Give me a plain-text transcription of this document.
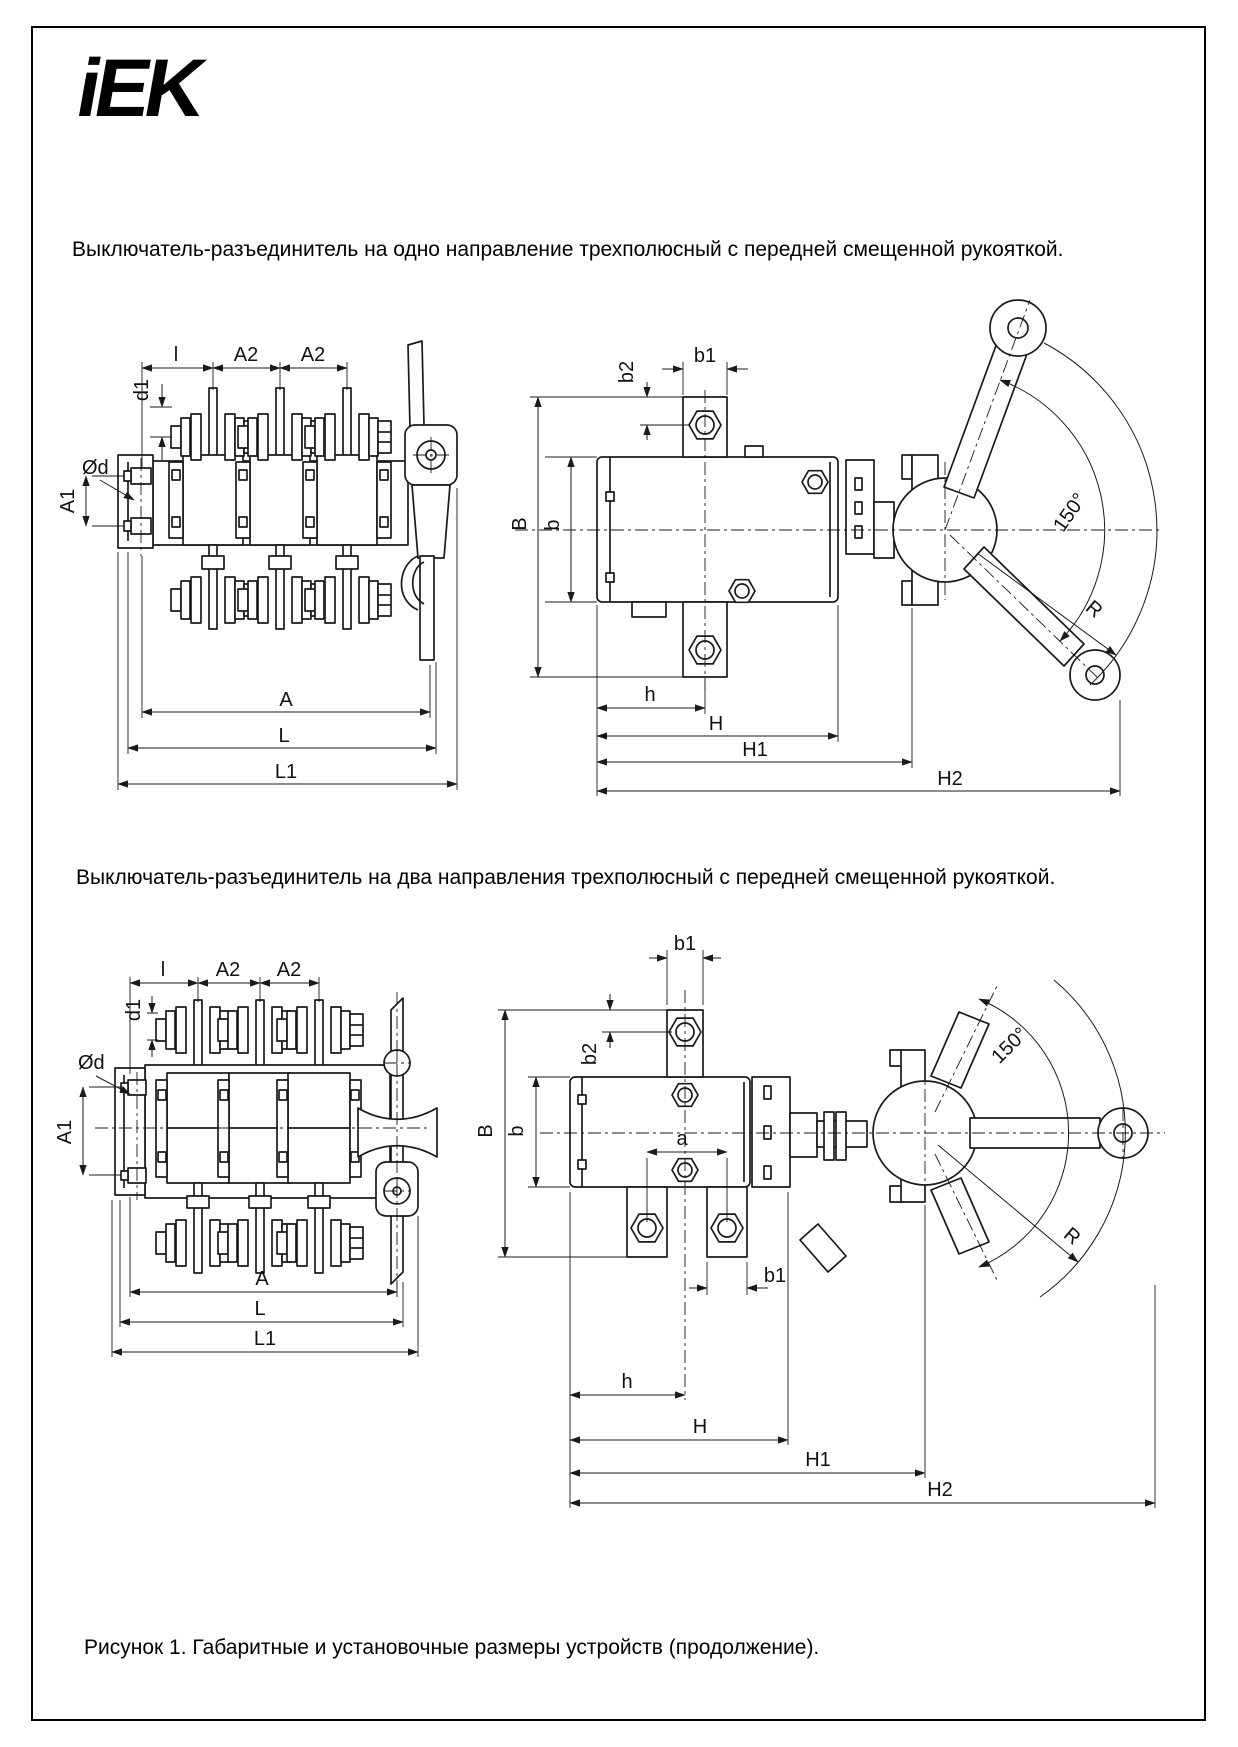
iEK
Выключатель-разъединитель на одно направление трехполюсный с передней смещенной рукояткой.
Выключатель-разъединитель на два направления трехполюсный с передней смещенной рукояткой.
Рисунок 1. Габаритные и установочные размеры устройств (продолжение).
l	A2 A2
d1
Ød
A1
A
L
L1
150°
R
b2
b1
B b
h
H
H1
H2
l	A2 A2
d1
Ød
A1
A
L
L1
150°
R
b1
b2
B b	a
b1
h
H
H1
H2
